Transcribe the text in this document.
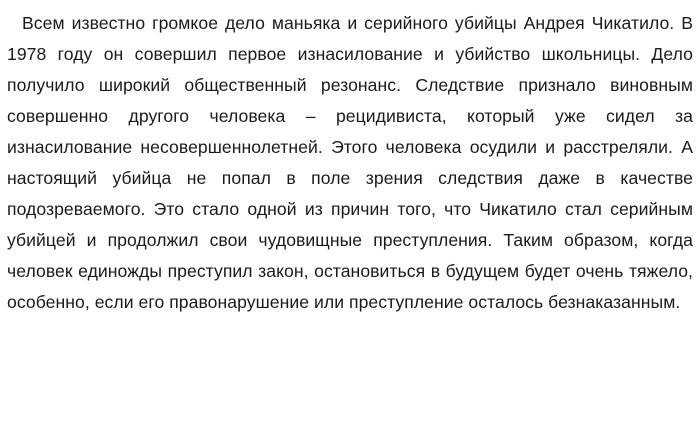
Всем известно громкое дело маньяка и серийного убийцы Андрея Чикатило. В 1978 году он совершил первое изнасилование и убийство школьницы. Дело получило широкий общественный резонанс. Следствие признало виновным совершенно другого человека – рецидивиста, который уже сидел за изнасилование несовершеннолетней. Этого человека осудили и расстреляли. А настоящий убийца не попал в поле зрения следствия даже в качестве подозреваемого. Это стало одной из причин того, что Чикатило стал серийным убийцей и продолжил свои чудовищные преступления. Таким образом, когда человек единожды преступил закон, остановиться в будущем будет очень тяжело, особенно, если его правонарушение или преступление осталось безнаказанным.
